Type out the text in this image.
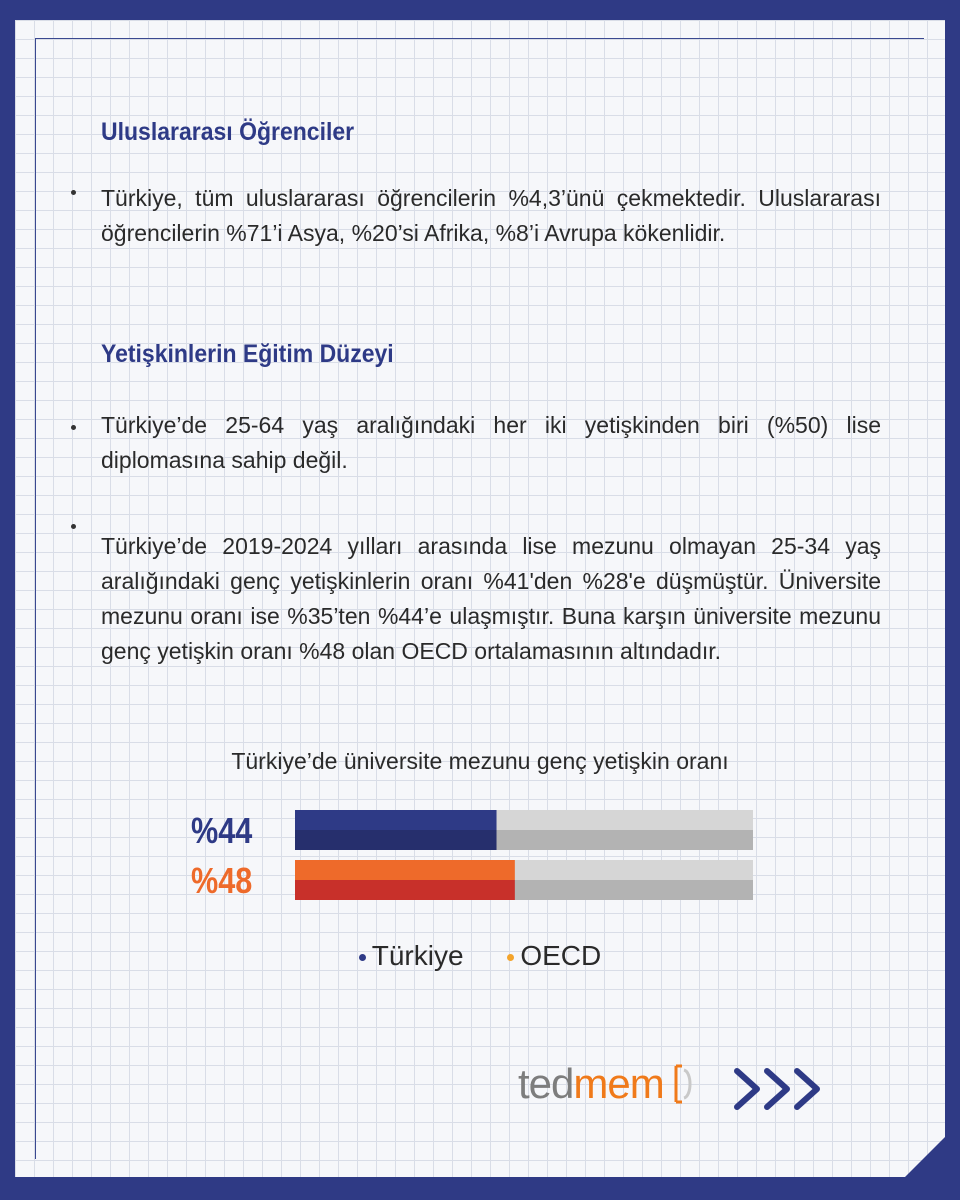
Uluslararası Öğrenciler

Türkiye, tüm uluslararası öğrencilerin %4,3’ünü çekmektedir. Uluslararası öğrencilerin %71’i Asya, %20’si Afrika, %8’i Avrupa kökenlidir.

Yetişkinlerin Eğitim Düzeyi

Türkiye’de 25-64 yaş aralığındaki her iki yetişkinden biri (%50) lise diplomasına sahip değil.

Türkiye’de 2019-2024 yılları arasında lise mezunu olmayan 25-34 yaş aralığındaki genç yetişkinlerin oranı %41'den %28'e düşmüştür. Üniversite mezunu oranı ise %35’ten %44’e ulaşmıştır. Buna karşın üniversite mezunu genç yetişkin oranı %48 olan OECD ortalamasının altındadır.

Türkiye’de üniversite mezunu genç yetişkin oranı
%44
%48
Türkiye OECD
tedmem
